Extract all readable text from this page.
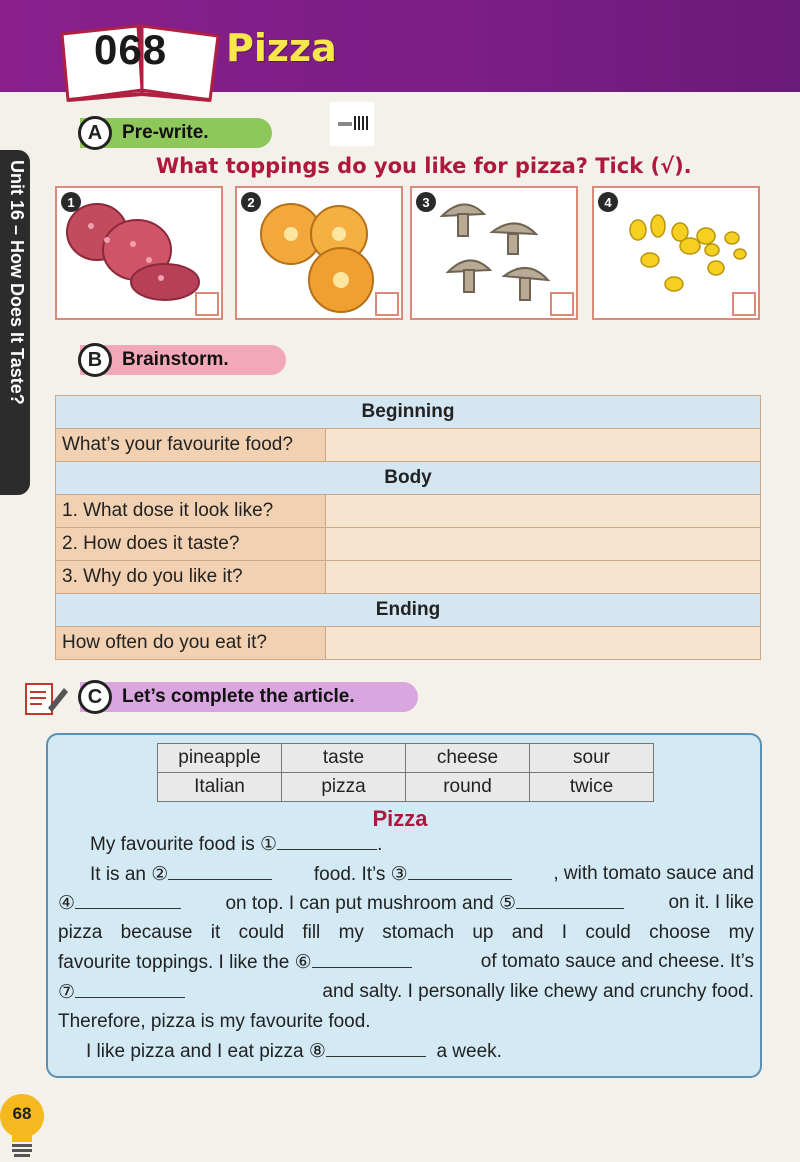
068 Pizza
Unit 16 – How Does It Taste?
A	Pre-write.
What toppings do you like for pizza? Tick (√).
1	2	3	4
B	Brainstorm.
Beginning	
What’s your favourite food?	
Body	
1. What dose it look like?	
2. How does it taste?	
3. Why do you like it?	
Ending	
How often do you eat it?	
C	Let’s complete the article.
pineapple	taste	cheese	sour
Italian	pizza	round	twice
Pizza
My favourite food is ①	.
It is an ②	food. It’s ③	, with tomato sauce and
④	on top. I can put mushroom and ⑤	on it. I like
pizza because it could fill my stomach up and I could choose my
favourite toppings. I like the ⑥	of tomato sauce and cheese. It’s
⑦	and salty. I personally like chewy and crunchy food.
Therefore, pizza is my favourite food.
I like pizza and I eat pizza ⑧	a week.
68
